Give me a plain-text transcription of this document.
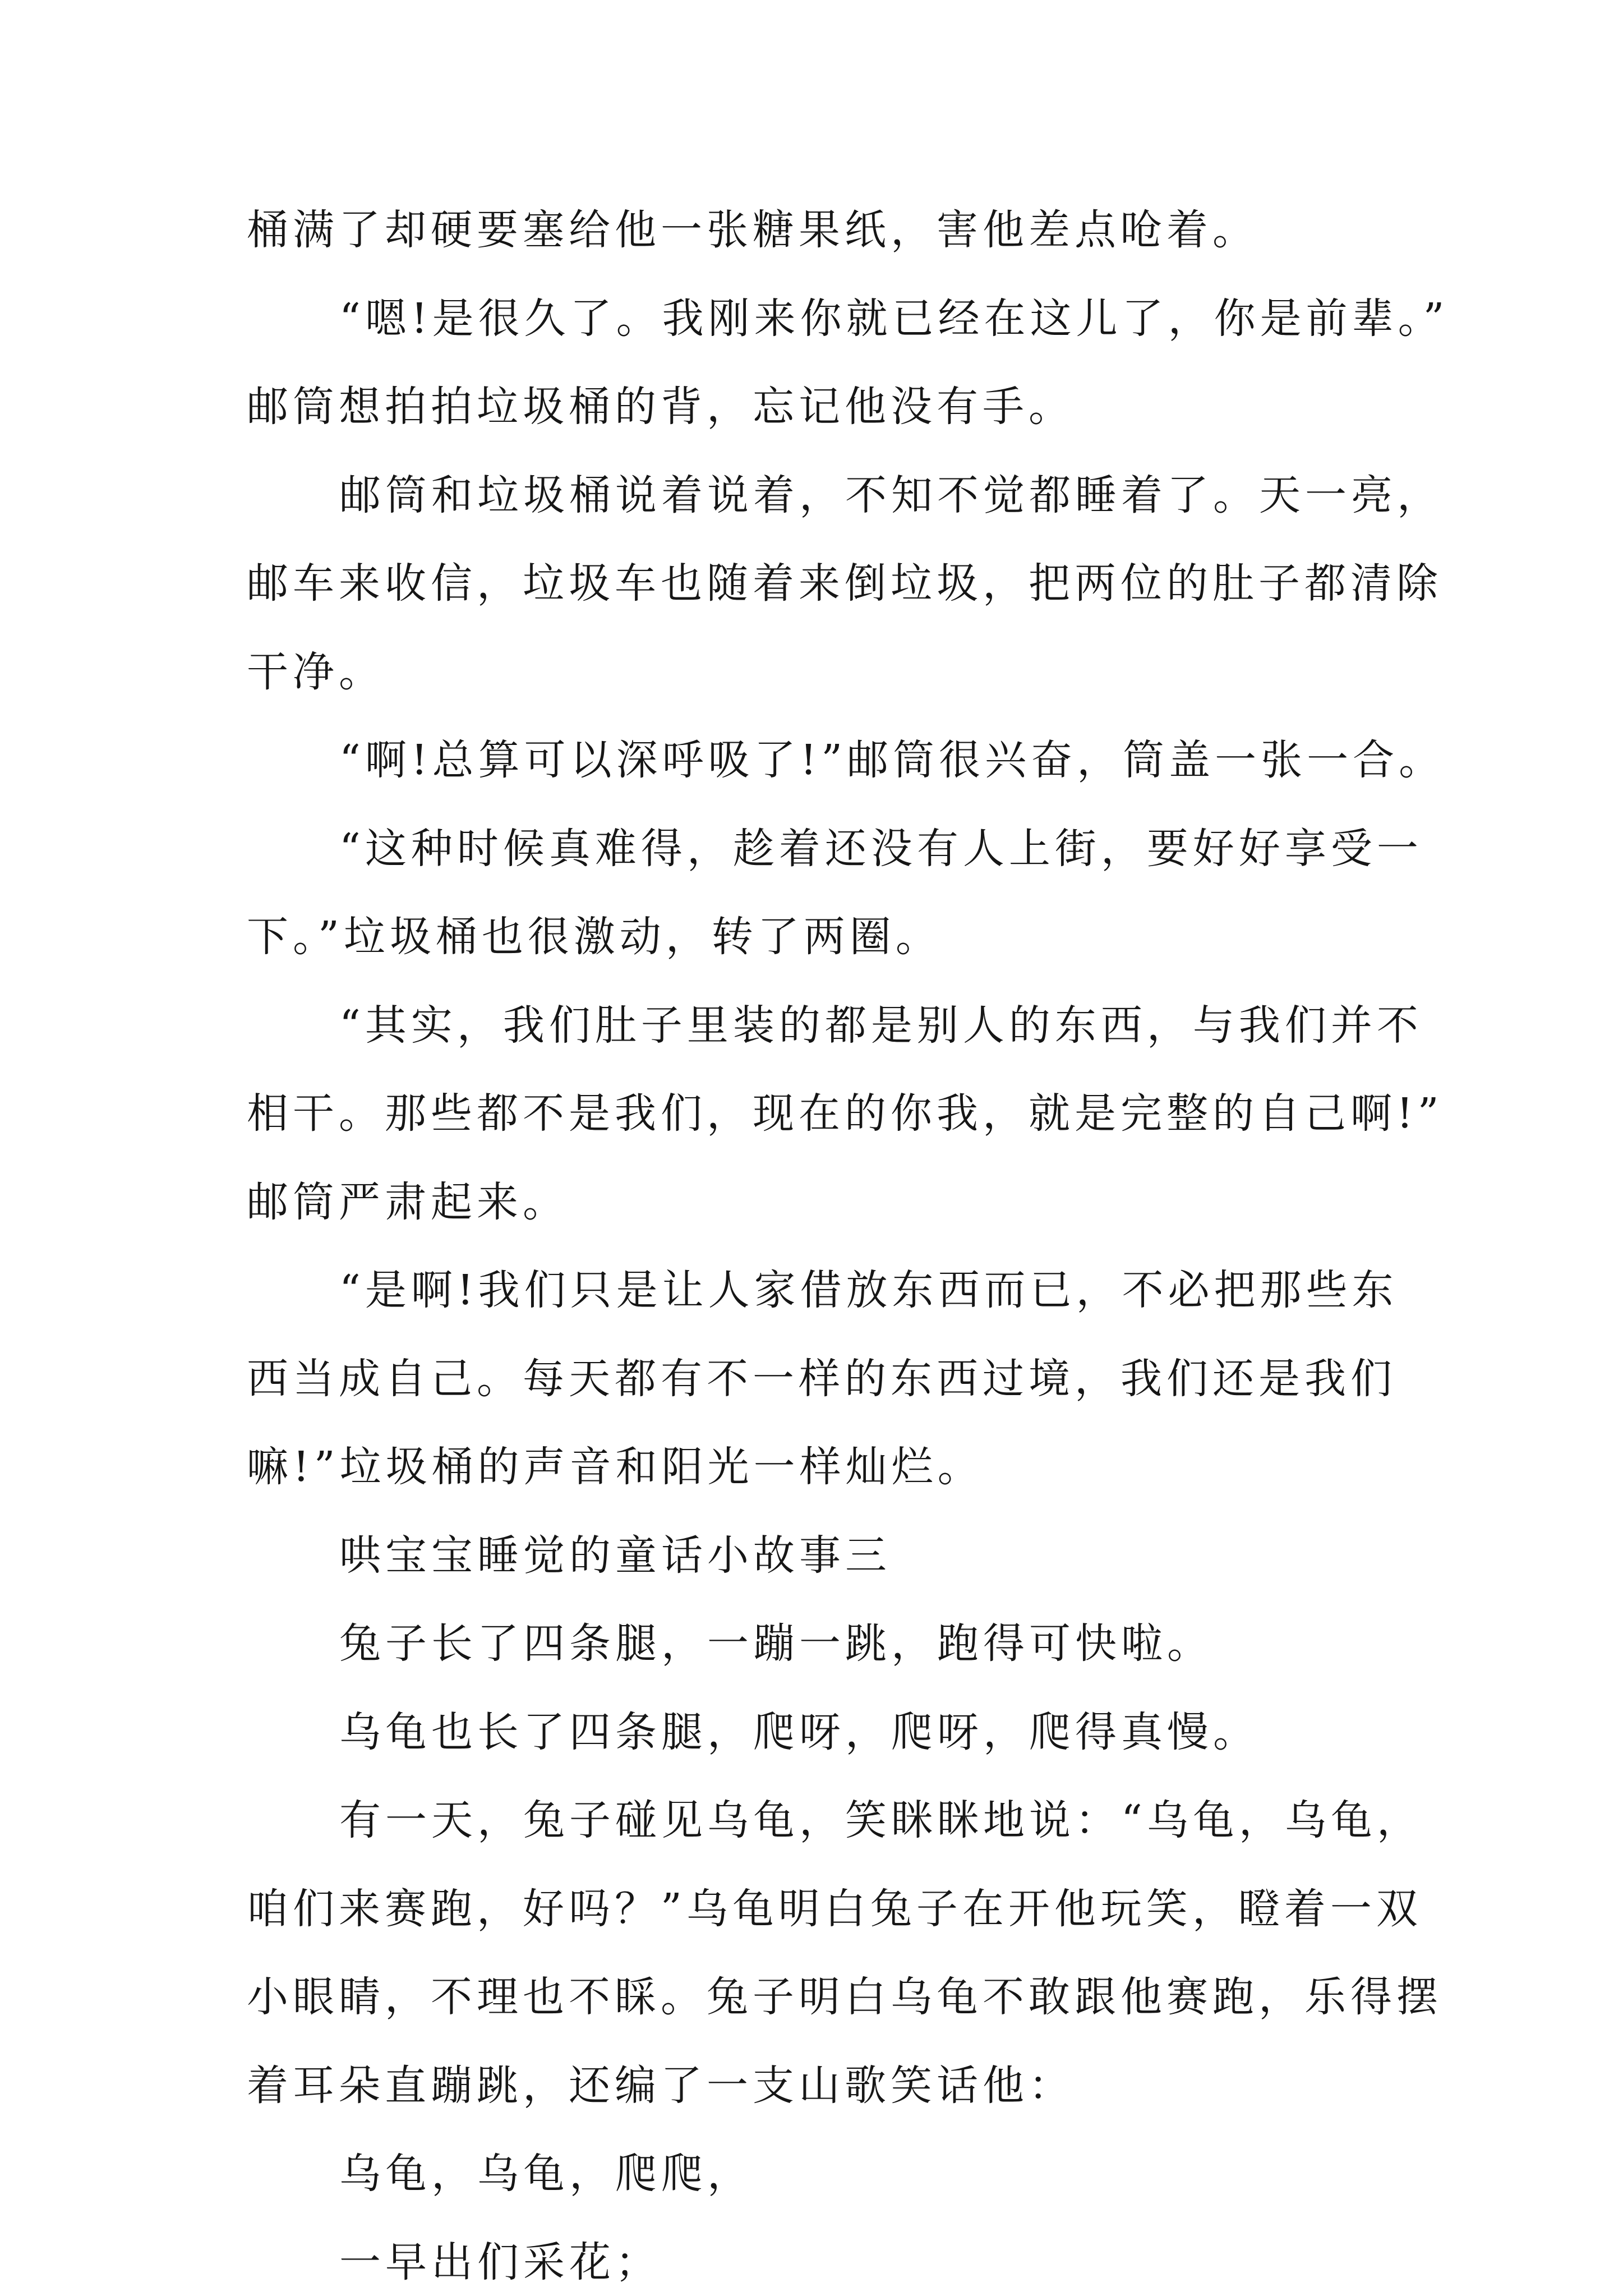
桶满了却硬要塞给他一张糖果纸，害他差点呛着。
“嗯!是很久了。我刚来你就已经在这儿了，你是前辈。”
邮筒想拍拍垃圾桶的背，忘记他没有手。
邮筒和垃圾桶说着说着，不知不觉都睡着了。天一亮，
邮车来收信，垃圾车也随着来倒垃圾，把两位的肚子都清除
干净。
“啊!总算可以深呼吸了!”邮筒很兴奋，筒盖一张一合。
“这种时候真难得，趁着还没有人上街，要好好享受一
下。”垃圾桶也很激动，转了两圈。
“其实，我们肚子里装的都是别人的东西，与我们并不
相干。那些都不是我们，现在的你我，就是完整的自己啊!”
邮筒严肃起来。
“是啊!我们只是让人家借放东西而已，不必把那些东
西当成自己。每天都有不一样的东西过境，我们还是我们
嘛!”垃圾桶的声音和阳光一样灿烂。
哄宝宝睡觉的童话小故事三
兔子长了四条腿，一蹦一跳，跑得可快啦。
乌龟也长了四条腿，爬呀，爬呀，爬得真慢。
有一天，兔子碰见乌龟，笑眯眯地说：“乌龟，乌龟，
咱们来赛跑，好吗？”乌龟明白兔子在开他玩笑，瞪着一双
小眼睛，不理也不睬。兔子明白乌龟不敢跟他赛跑，乐得摆
着耳朵直蹦跳，还编了一支山歌笑话他：
乌龟，乌龟，爬爬，
一早出们采花；
